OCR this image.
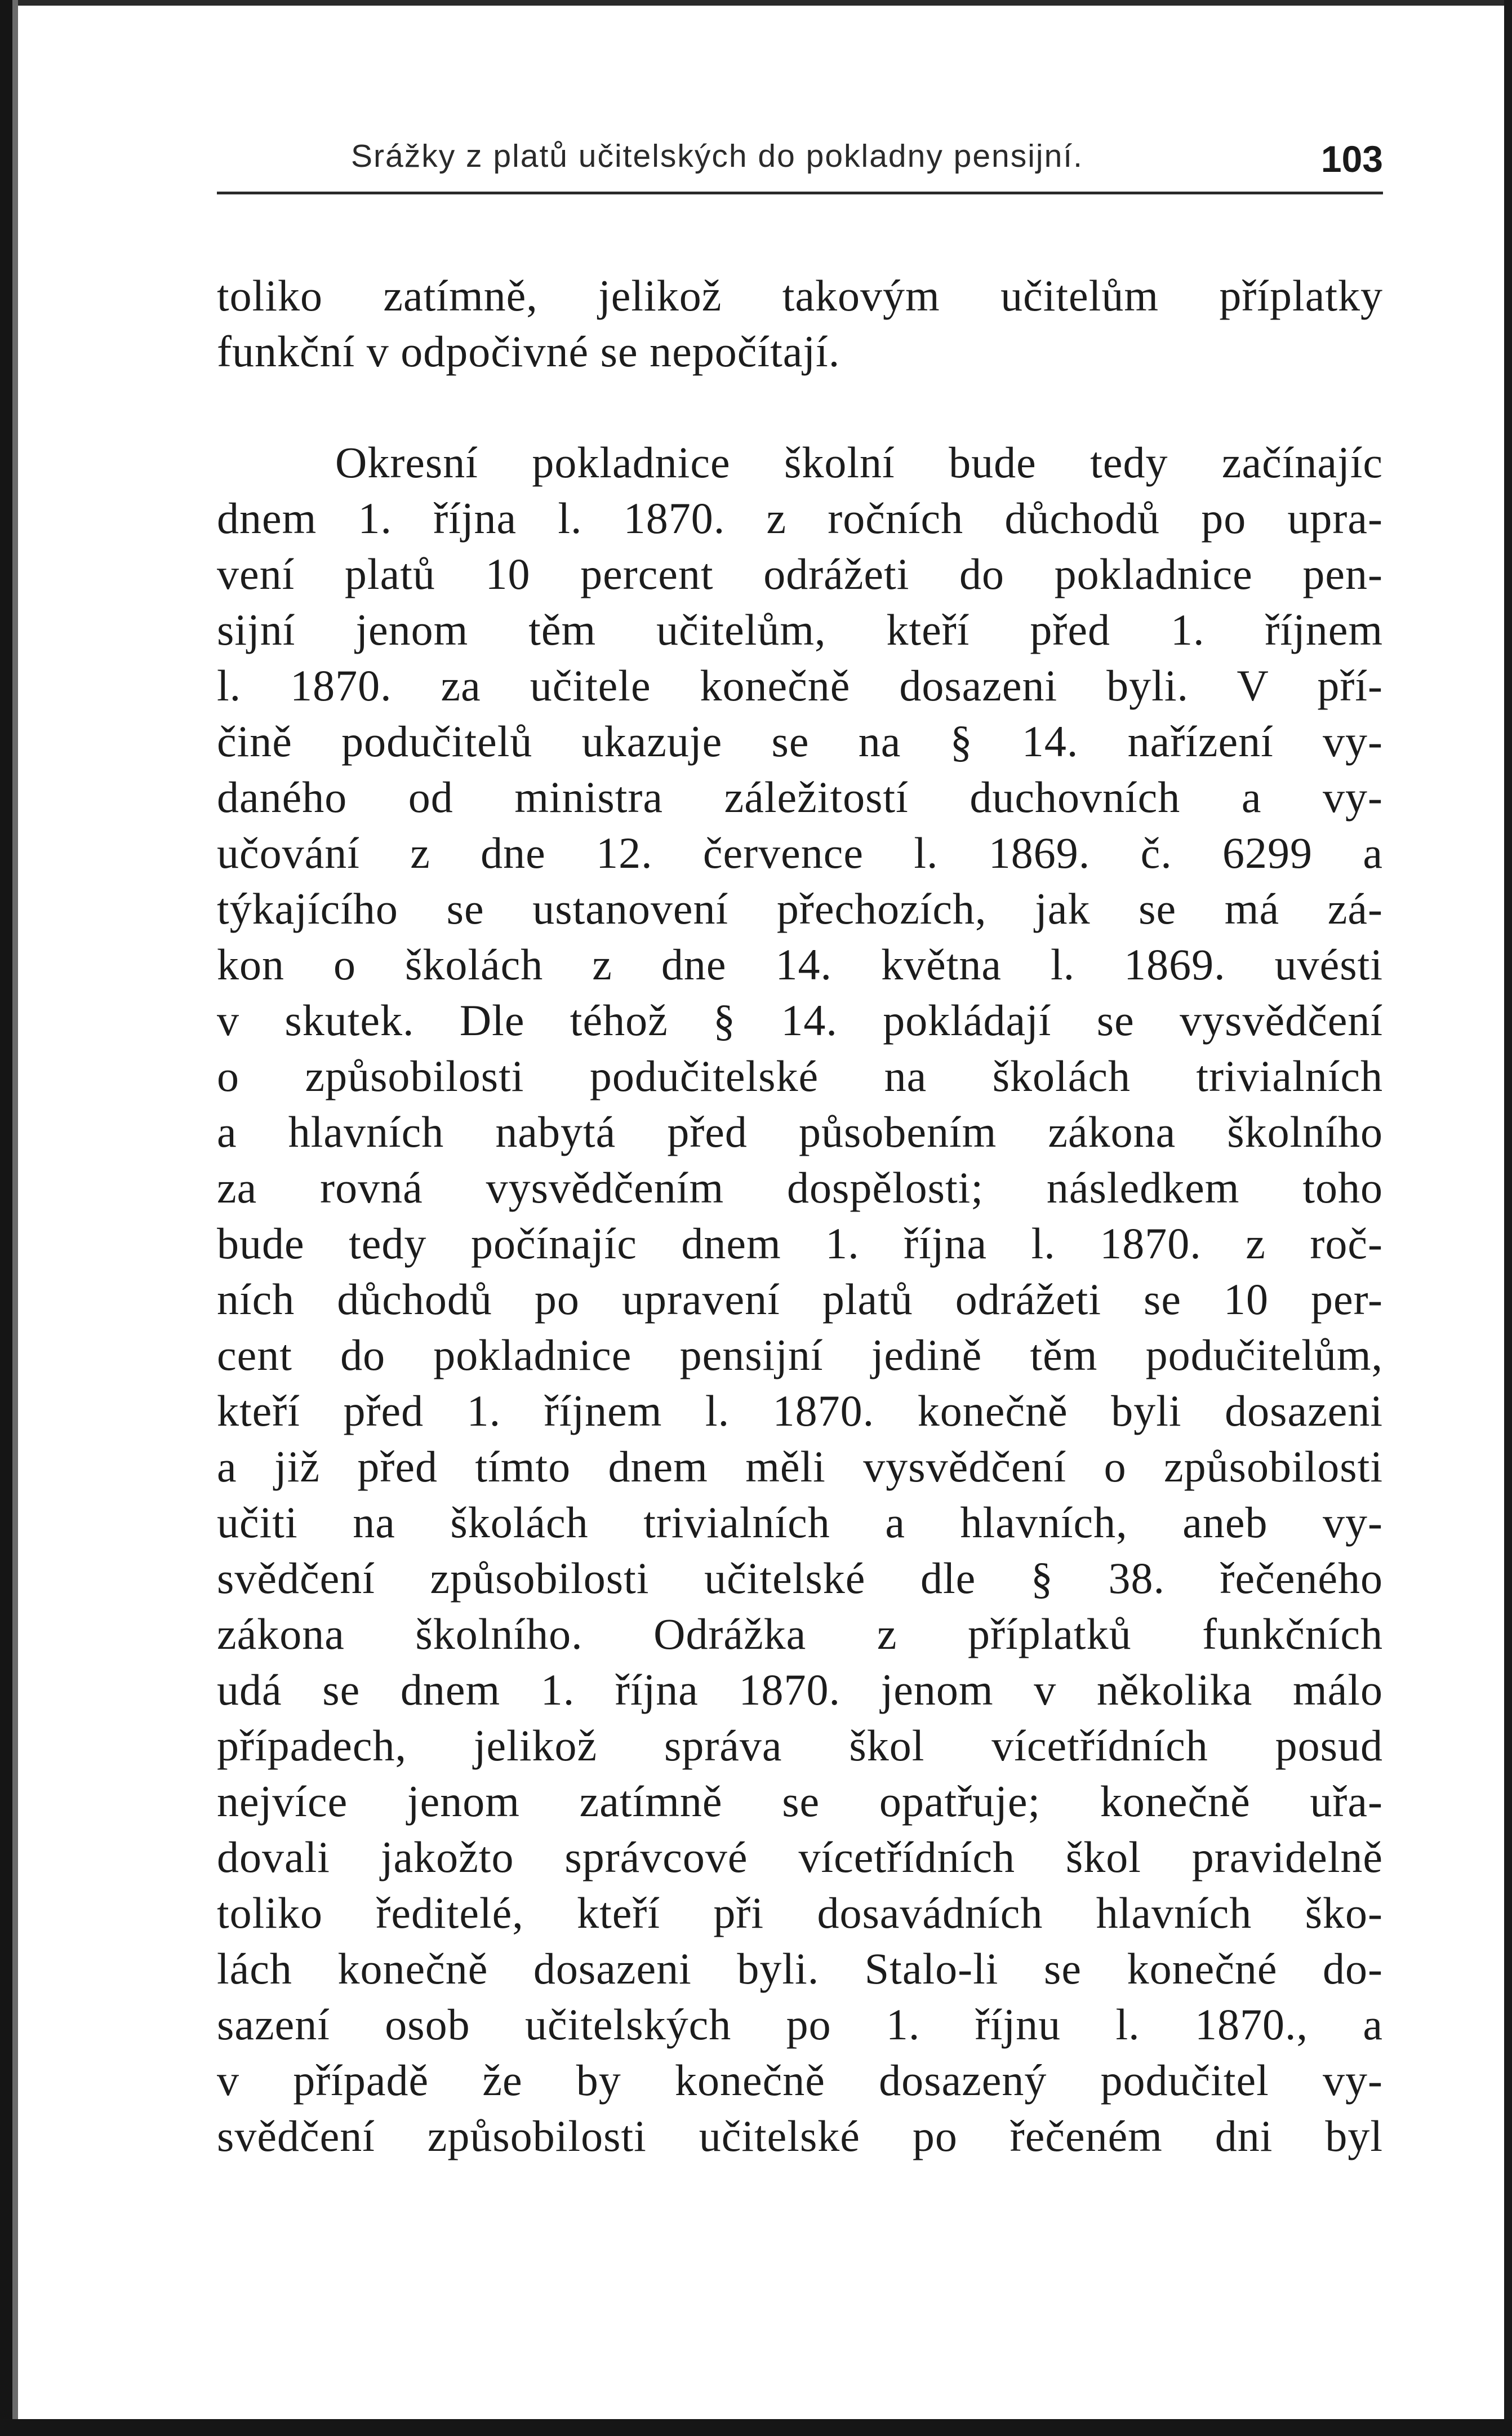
Srážky z platů učitelských do pokladny pensijní.	103
toliko zatímně, jelikož takovým učitelům příplatky
funkční v odpočivné se nepočítají.
Okresní pokladnice školní bude tedy začínajíc
dnem 1. října l. 1870. z ročních důchodů po upra-
vení platů 10 percent odrážeti do pokladnice pen-
sijní jenom těm učitelům, kteří před 1. říjnem
l. 1870. za učitele konečně dosazeni byli. V pří-
čině podučitelů ukazuje se na § 14. nařízení vy-
daného od ministra záležitostí duchovních a vy-
učování z dne 12. července l. 1869. č. 6299 a
týkajícího se ustanovení přechozích, jak se má zá-
kon o školách z dne 14. května l. 1869. uvésti
v skutek. Dle téhož § 14. pokládají se vysvědčení
o způsobilosti podučitelské na školách trivialních
a hlavních nabytá před působením zákona školního
za rovná vysvědčením dospělosti; následkem toho
bude tedy počínajíc dnem 1. října l. 1870. z roč-
ních důchodů po upravení platů odrážeti se 10 per-
cent do pokladnice pensijní jedině těm podučitelům,
kteří před 1. říjnem l. 1870. konečně byli dosazeni
a již před tímto dnem měli vysvědčení o způsobilosti
učiti na školách trivialních a hlavních, aneb vy-
svědčení způsobilosti učitelské dle § 38. řečeného
zákona školního. Odrážka z příplatků funkčních
udá se dnem 1. října 1870. jenom v několika málo
případech, jelikož správa škol vícetřídních posud
nejvíce jenom zatímně se opatřuje; konečně uřa-
dovali jakožto správcové vícetřídních škol pravidelně
toliko ředitelé, kteří při dosavádních hlavních ško-
lách konečně dosazeni byli. Stalo-li se konečné do-
sazení osob učitelských po 1. říjnu l. 1870., a
v případě že by konečně dosazený podučitel vy-
svědčení způsobilosti učitelské po řečeném dni byl
